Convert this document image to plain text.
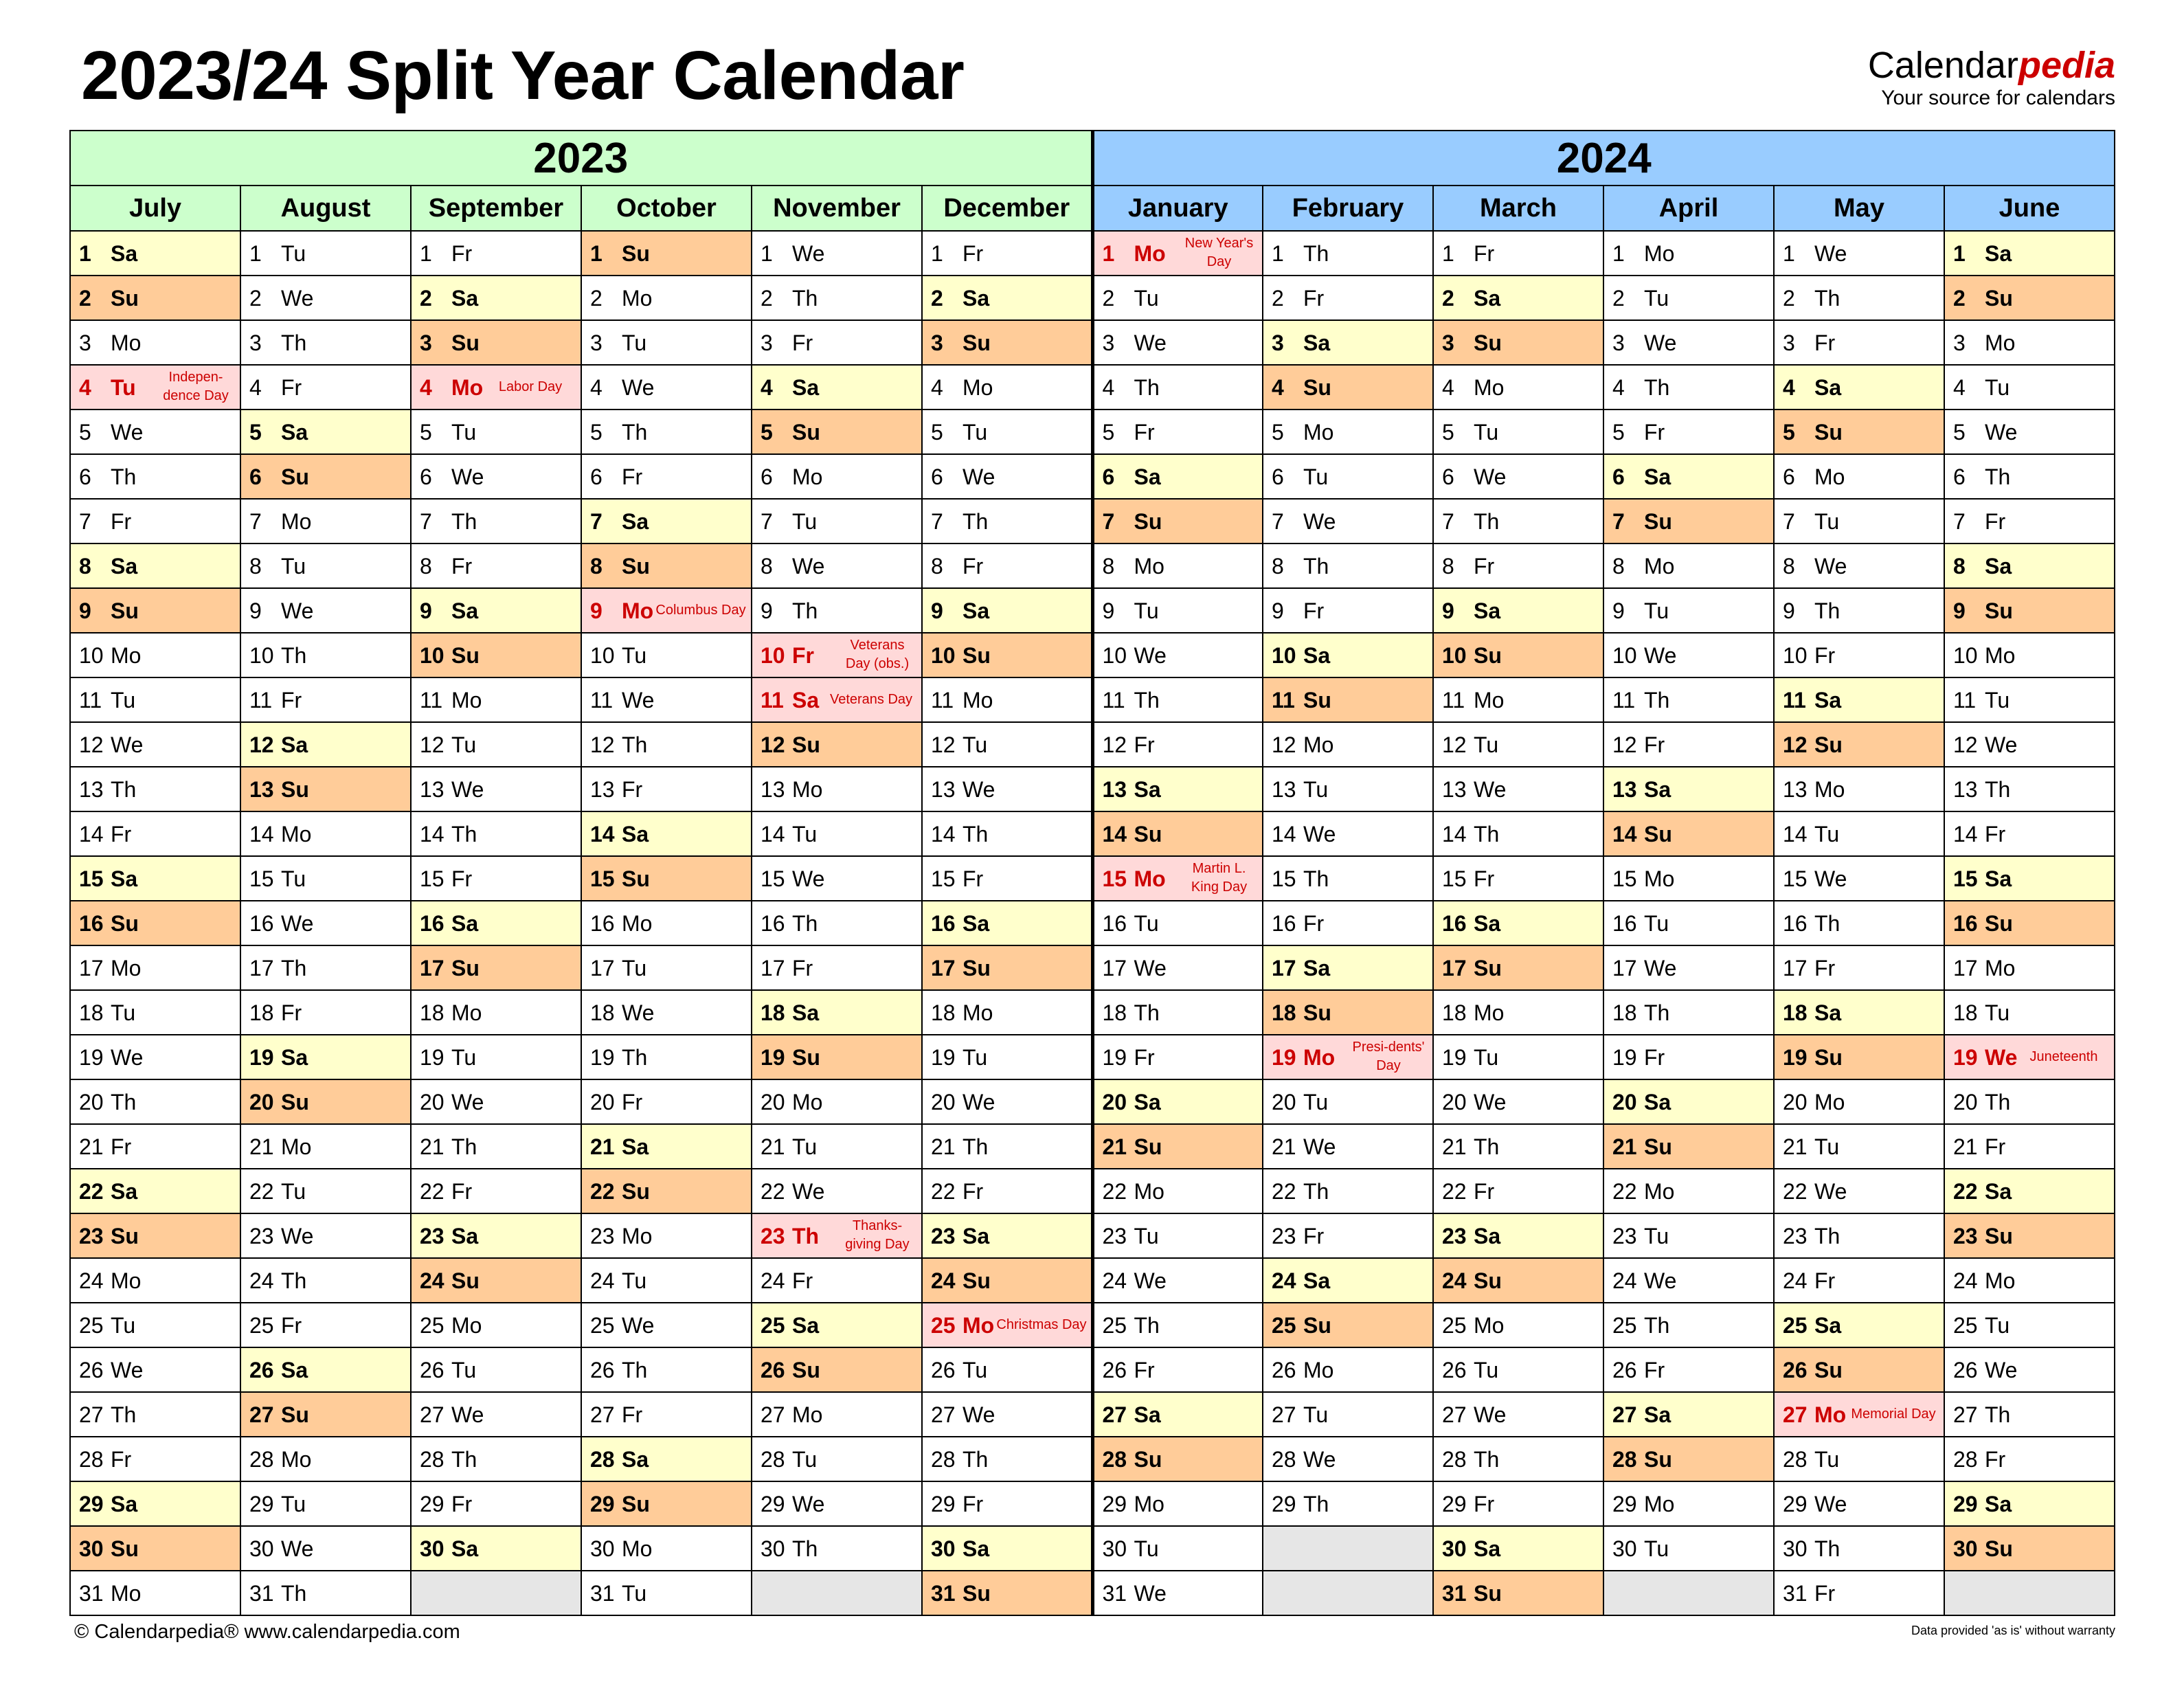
2023/24 Split Year Calendar	Calendarpedia
Your source for calendars
2023						2024					
July	August	September	October	November	December	January	February	March	April	May	June

1 Sa	1 Tu	1 Fr	1 Su	1 We	1 Fr	1 Mo New Year's Day	1 Th	1 Fr	1 Mo	1 We	1 Sa

2 Su	2 We	2 Sa	2 Mo	2 Th	2 Sa	2 Tu	2 Fr	2 Sa	2 Tu	2 Th	2 Su

3 Mo	3 Th	3 Su	3 Tu	3 Fr	3 Su	3 We	3 Sa	3 Su	3 We	3 Fr	3 Mo

4 Tu Indepen-dence Day	4 Fr	4 Mo Labor Day	4 We	4 Sa	4 Mo	4 Th	4 Su	4 Mo	4 Th	4 Sa	4 Tu

5 We	5 Sa	5 Tu	5 Th	5 Su	5 Tu	5 Fr	5 Mo	5 Tu	5 Fr	5 Su	5 We

6 Th	6 Su	6 We	6 Fr	6 Mo	6 We	6 Sa	6 Tu	6 We	6 Sa	6 Mo	6 Th

7 Fr	7 Mo	7 Th	7 Sa	7 Tu	7 Th	7 Su	7 We	7 Th	7 Su	7 Tu	7 Fr

8 Sa	8 Tu	8 Fr	8 Su	8 We	8 Fr	8 Mo	8 Th	8 Fr	8 Mo	8 We	8 Sa

9 Su	9 We	9 Sa	9 Mo Columbus Day	9 Th	9 Sa	9 Tu	9 Fr	9 Sa	9 Tu	9 Th	9 Su

10 Mo	10 Th	10 Su	10 Tu	10 Fr Veterans Day (obs.)	10 Su	10 We	10 Sa	10 Su	10 We	10 Fr	10 Mo

11 Tu	11 Fr	11 Mo	11 We	11 Sa Veterans Day	11 Mo	11 Th	11 Su	11 Mo	11 Th	11 Sa	11 Tu

12 We	12 Sa	12 Tu	12 Th	12 Su	12 Tu	12 Fr	12 Mo	12 Tu	12 Fr	12 Su	12 We

13 Th	13 Su	13 We	13 Fr	13 Mo	13 We	13 Sa	13 Tu	13 We	13 Sa	13 Mo	13 Th

14 Fr	14 Mo	14 Th	14 Sa	14 Tu	14 Th	14 Su	14 We	14 Th	14 Su	14 Tu	14 Fr

15 Sa	15 Tu	15 Fr	15 Su	15 We	15 Fr	15 Mo Martin L. King Day	15 Th	15 Fr	15 Mo	15 We	15 Sa

16 Su	16 We	16 Sa	16 Mo	16 Th	16 Sa	16 Tu	16 Fr	16 Sa	16 Tu	16 Th	16 Su

17 Mo	17 Th	17 Su	17 Tu	17 Fr	17 Su	17 We	17 Sa	17 Su	17 We	17 Fr	17 Mo

18 Tu	18 Fr	18 Mo	18 We	18 Sa	18 Mo	18 Th	18 Su	18 Mo	18 Th	18 Sa	18 Tu

19 We	19 Sa	19 Tu	19 Th	19 Su	19 Tu	19 Fr	19 Mo Presi-dents' Day	19 Tu	19 Fr	19 Su	19 We Juneteenth

20 Th	20 Su	20 We	20 Fr	20 Mo	20 We	20 Sa	20 Tu	20 We	20 Sa	20 Mo	20 Th

21 Fr	21 Mo	21 Th	21 Sa	21 Tu	21 Th	21 Su	21 We	21 Th	21 Su	21 Tu	21 Fr

22 Sa	22 Tu	22 Fr	22 Su	22 We	22 Fr	22 Mo	22 Th	22 Fr	22 Mo	22 We	22 Sa

23 Su	23 We	23 Sa	23 Mo	23 Th Thanks-giving Day	23 Sa	23 Tu	23 Fr	23 Sa	23 Tu	23 Th	23 Su

24 Mo	24 Th	24 Su	24 Tu	24 Fr	24 Su	24 We	24 Sa	24 Su	24 We	24 Fr	24 Mo

25 Tu	25 Fr	25 Mo	25 We	25 Sa	25 Mo Christmas Day	25 Th	25 Su	25 Mo	25 Th	25 Sa	25 Tu

26 We	26 Sa	26 Tu	26 Th	26 Su	26 Tu	26 Fr	26 Mo	26 Tu	26 Fr	26 Su	26 We

27 Th	27 Su	27 We	27 Fr	27 Mo	27 We	27 Sa	27 Tu	27 We	27 Sa	27 Mo Memorial Day	27 Th

28 Fr	28 Mo	28 Th	28 Sa	28 Tu	28 Th	28 Su	28 We	28 Th	28 Su	28 Tu	28 Fr

29 Sa	29 Tu	29 Fr	29 Su	29 We	29 Fr	29 Mo	29 Th	29 Fr	29 Mo	29 We	29 Sa

30 Su	30 We	30 Sa	30 Mo	30 Th	30 Sa	30 Tu		30 Sa	30 Tu	30 Th	30 Su

31 Mo	31 Th		31 Tu		31 Su	31 We		31 Su		31 Fr	

© Calendarpedia® www.calendarpedia.com	Data provided 'as is' without warranty
